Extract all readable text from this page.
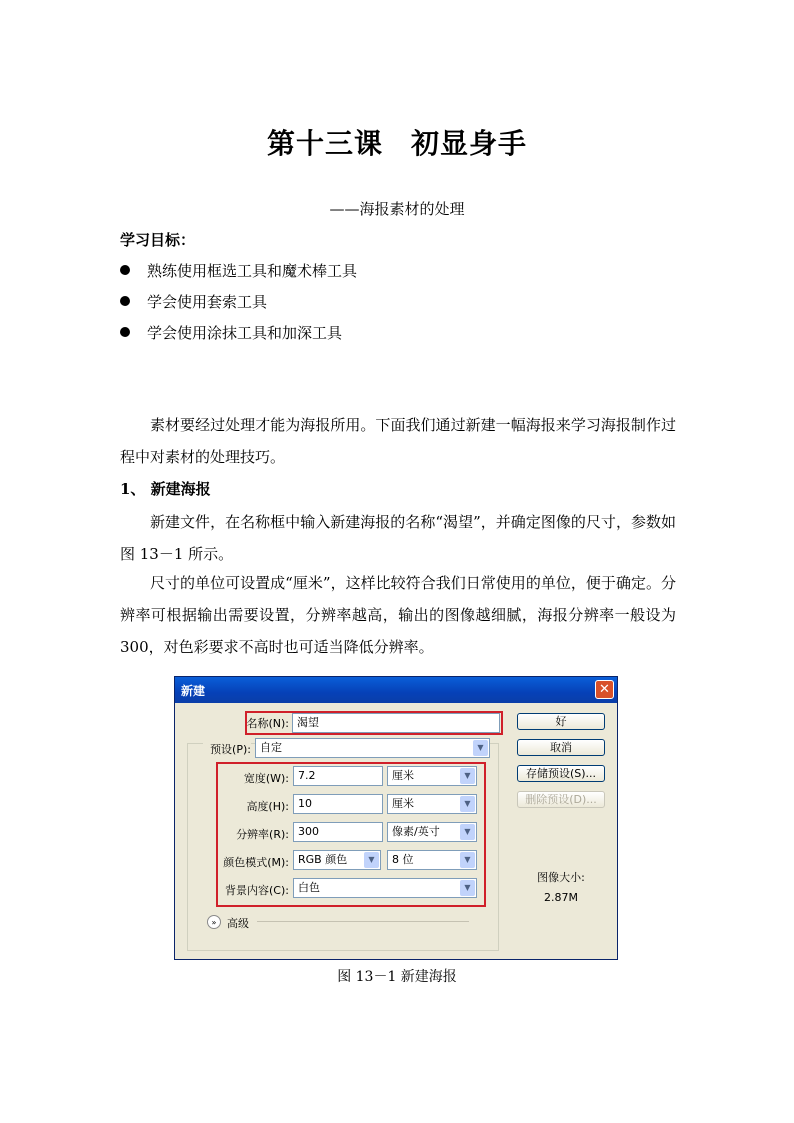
第十三课 初显身手
——海报素材的处理
学习目标：
熟练使用框选工具和魔术棒工具
学会使用套索工具
学会使用涂抹工具和加深工具
素材要经过处理才能为海报所用。下面我们通过新建一幅海报来学习海报制作过程中对素材的处理技巧。
1、 新建海报
新建文件，在名称框中输入新建海报的名称“渴望”，并确定图像的尺寸，参数如图 13－1 所示。
尺寸的单位可设置成“厘米”，这样比较符合我们日常使用的单位，便于确定。分辨率可根据输出需要设置，分辨率越高，输出的图像越细腻，海报分辨率一般设为 300，对色彩要求不高时也可适当降低分辨率。
新建	✕
名称(N): 渴望
预设(P): 自定	▼
宽度(W): 7.2	厘米	▼
高度(H): 10	厘米	▼
分辨率(R): 300	像素/英寸	▼
颜色模式(M): RGB 颜色	▼	8 位	▼
背景内容(C): 白色	▼
» 高级
好
取消
存储预设(S)...
删除预设(D)...
图像大小:
2.87M
图 13－1 新建海报
